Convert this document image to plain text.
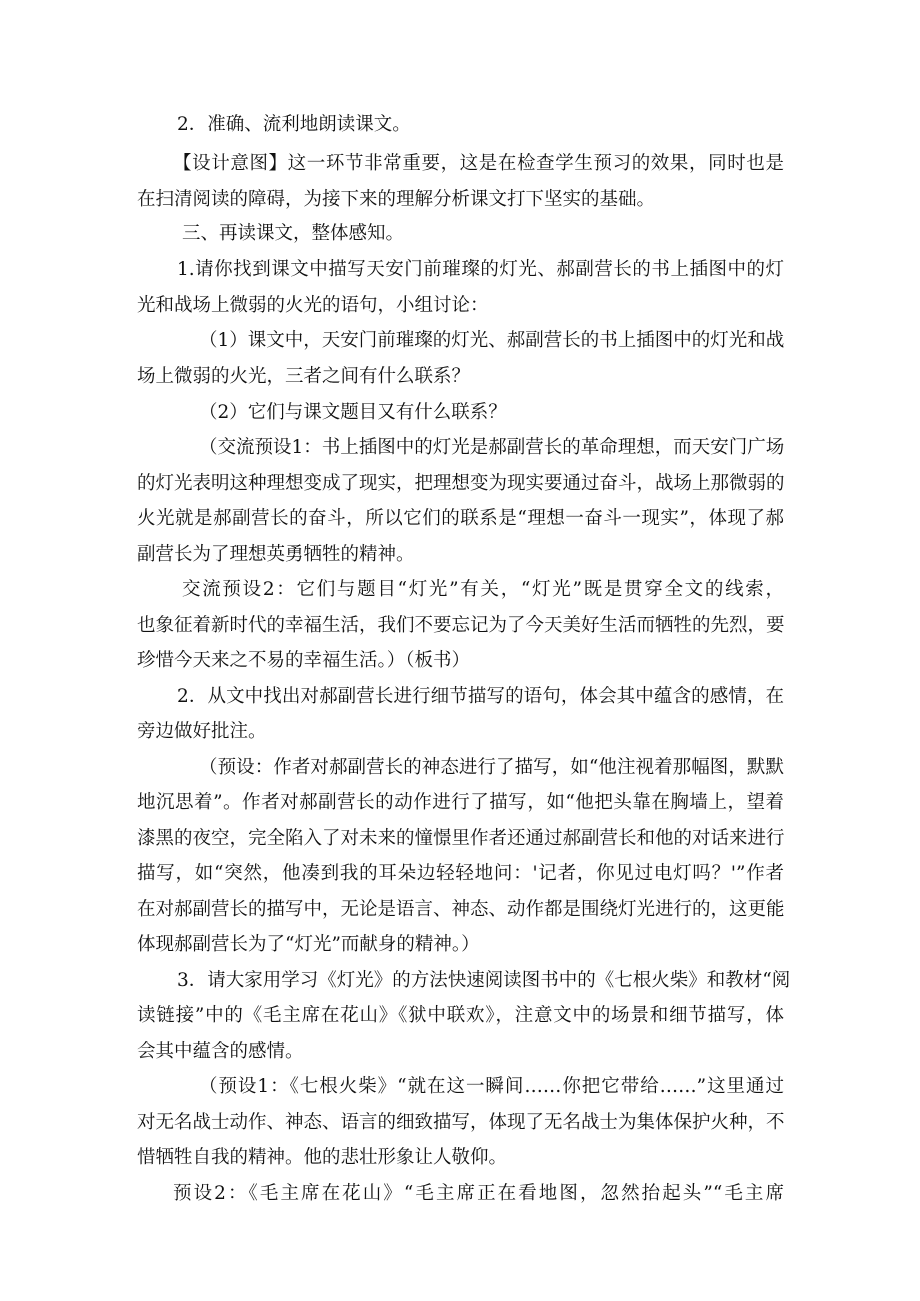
2．准确、流利地朗读课文。
【设计意图】这一环节非常重要，这是在检查学生预习的效果，同时也是
在扫清阅读的障碍，为接下来的理解分析课文打下坚实的基础。
三、再读课文，整体感知。
1.请你找到课文中描写天安门前璀璨的灯光、郝副营长的书上插图中的灯
光和战场上微弱的火光的语句，小组讨论：
（1）课文中，天安门前璀璨的灯光、郝副营长的书上插图中的灯光和战
场上微弱的火光，三者之间有什么联系？
（2）它们与课文题目又有什么联系？
（交流预设1：书上插图中的灯光是郝副营长的革命理想，而天安门广场
的灯光表明这种理想变成了现实，把理想变为现实要通过奋斗，战场上那微弱的
火光就是郝副营长的奋斗，所以它们的联系是“理想一奋斗一现实”，体现了郝
副营长为了理想英勇牺牲的精神。
交流预设2：它们与题目“灯光”有关，“灯光”既是贯穿全文的线索，
也象征着新时代的幸福生活，我们不要忘记为了今天美好生活而牺牲的先烈，要
珍惜今天来之不易的幸福生活。）（板书）
2．从文中找出对郝副营长进行细节描写的语句，体会其中蕴含的感情，在
旁边做好批注。
（预设：作者对郝副营长的神态进行了描写，如“他注视着那幅图，默默
地沉思着”。作者对郝副营长的动作进行了描写，如“他把头靠在胸墙上，望着
漆黑的夜空，完全陷入了对未来的憧憬里作者还通过郝副营长和他的对话来进行
描写，如“突然，他凑到我的耳朵边轻轻地问：'记者，你见过电灯吗？'”作者
在对郝副营长的描写中，无论是语言、神态、动作都是围绕灯光进行的，这更能
体现郝副营长为了“灯光”而献身的精神。）
3．请大家用学习《灯光》的方法快速阅读图书中的《七根火柴》和教材“阅
读链接”中的《毛主席在花山》《狱中联欢》，注意文中的场景和细节描写，体
会其中蕴含的感情。
（预设1：《七根火柴》“就在这一瞬间……你把它带给……”这里通过
对无名战士动作、神态、语言的细致描写，体现了无名战士为集体保护火种，不
惜牺牲自我的精神。他的悲壮形象让人敬仰。
预设2：《毛主席在花山》“毛主席正在看地图，忽然抬起头”“毛主席
